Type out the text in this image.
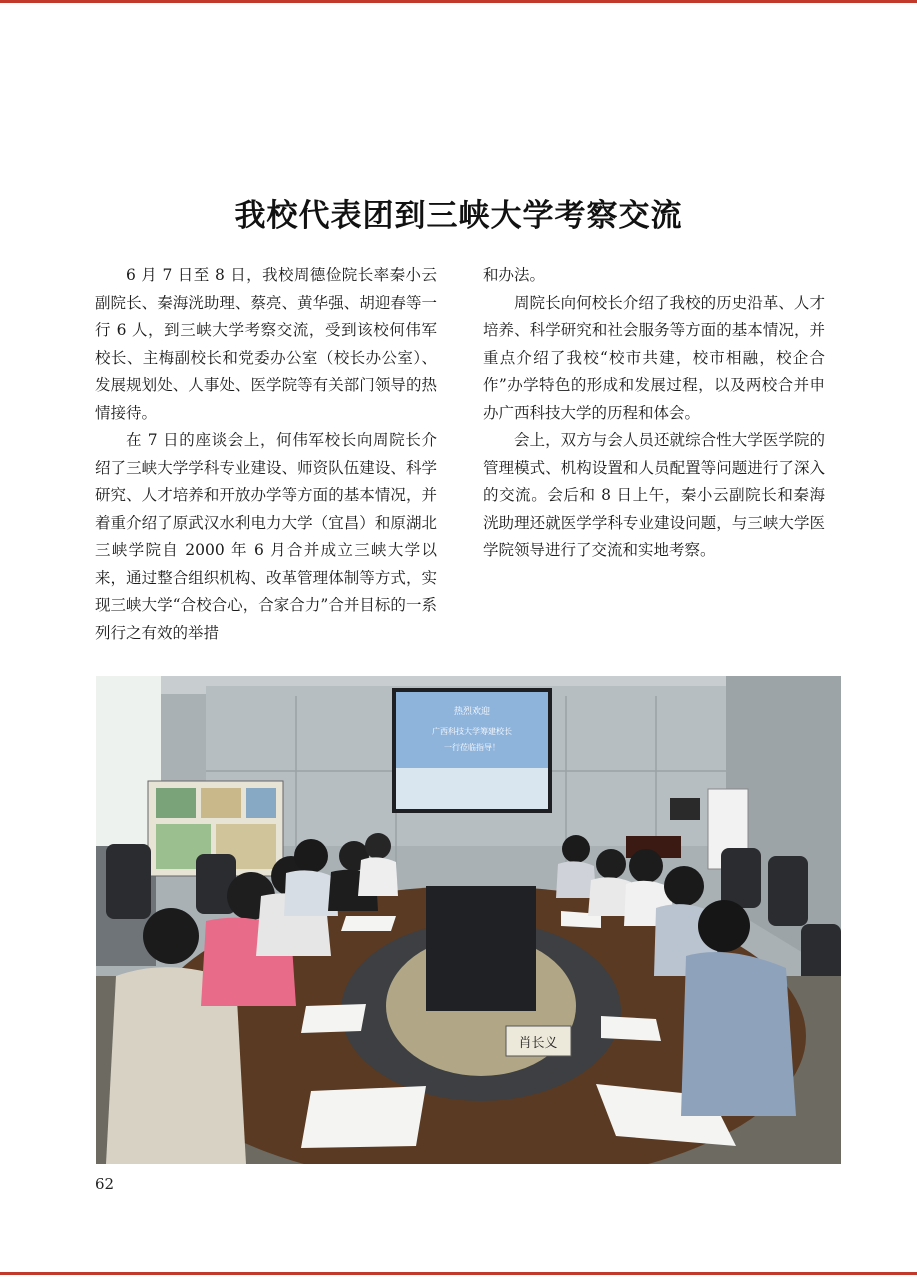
我校代表团到三峡大学考察交流

6 月 7 日至 8 日，我校周德俭院长率秦小云副院长、秦海洸助理、蔡亮、黄华强、胡迎春等一行 6 人，到三峡大学考察交流，受到该校何伟军校长、主梅副校长和党委办公室（校长办公室）、发展规划处、人事处、医学院等有关部门领导的热情接待。

在 7 日的座谈会上，何伟军校长向周院长介绍了三峡大学学科专业建设、师资队伍建设、科学研究、人才培养和开放办学等方面的基本情况，并着重介绍了原武汉水利电力大学（宜昌）和原湖北三峡学院自 2000 年 6 月合并成立三峡大学以来，通过整合组织机构、改革管理体制等方式，实现三峡大学“合校合心，合家合力”合并目标的一系列行之有效的举措

和办法。

周院长向何校长介绍了我校的历史沿革、人才培养、科学研究和社会服务等方面的基本情况，并重点介绍了我校“校市共建，校市相融，校企合作”办学特色的形成和发展过程，以及两校合并申办广西科技大学的历程和体会。

会上，双方与会人员还就综合性大学医学院的管理模式、机构设置和人员配置等问题进行了深入的交流。会后和 8 日上午，秦小云副院长和秦海洸助理还就医学学科专业建设问题，与三峡大学医学院领导进行了交流和实地考察。

热烈欢迎
广西科技大学筹建校长
一行莅临指导！
肖长义
62
